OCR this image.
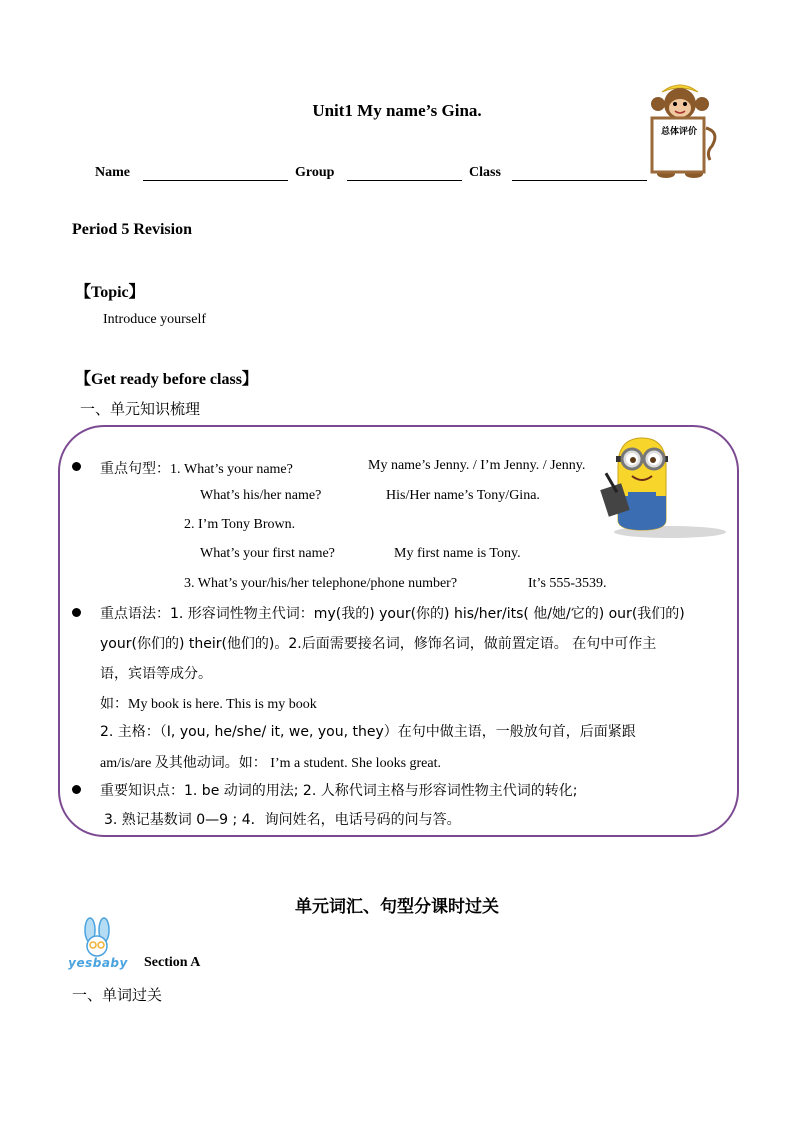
Unit1 My name’s Gina.
总体评价
Name	Group	Class
Period 5 Revision
【Topic】
Introduce yourself
【Get ready before class】
一、单元知识梳理
重点句型：1. What’s your name?	My name’s Jenny. / I’m Jenny. / Jenny.
What’s his/her name?	His/Her name’s Tony/Gina.
2. I’m Tony Brown.
What’s your first name?	My first name is Tony.
3. What’s your/his/her telephone/phone number?	It’s 555-3539.
重点语法：1. 形容词性物主代词：my(我的) your(你的) his/her/its( 他/她/它的) our(我们的)
your(你们的) their(他们的)。2.后面需要接名词，修饰名词，做前置定语。 在句中可作主
语，宾语等成分。
如：My book is here. This is my book
2. 主格：（I, you, he/she/ it, we, you, they）在句中做主语，一般放句首，后面紧跟
am/is/are 及其他动词。如： I’m a student. She looks great.
重要知识点：1. be 动词的用法; 2. 人称代词主格与形容词性物主代词的转化;
3. 熟记基数词 0—9 ; 4．询问姓名，电话号码的问与答。
单元词汇、句型分课时过关
yesbaby	Section A
一、单词过关
